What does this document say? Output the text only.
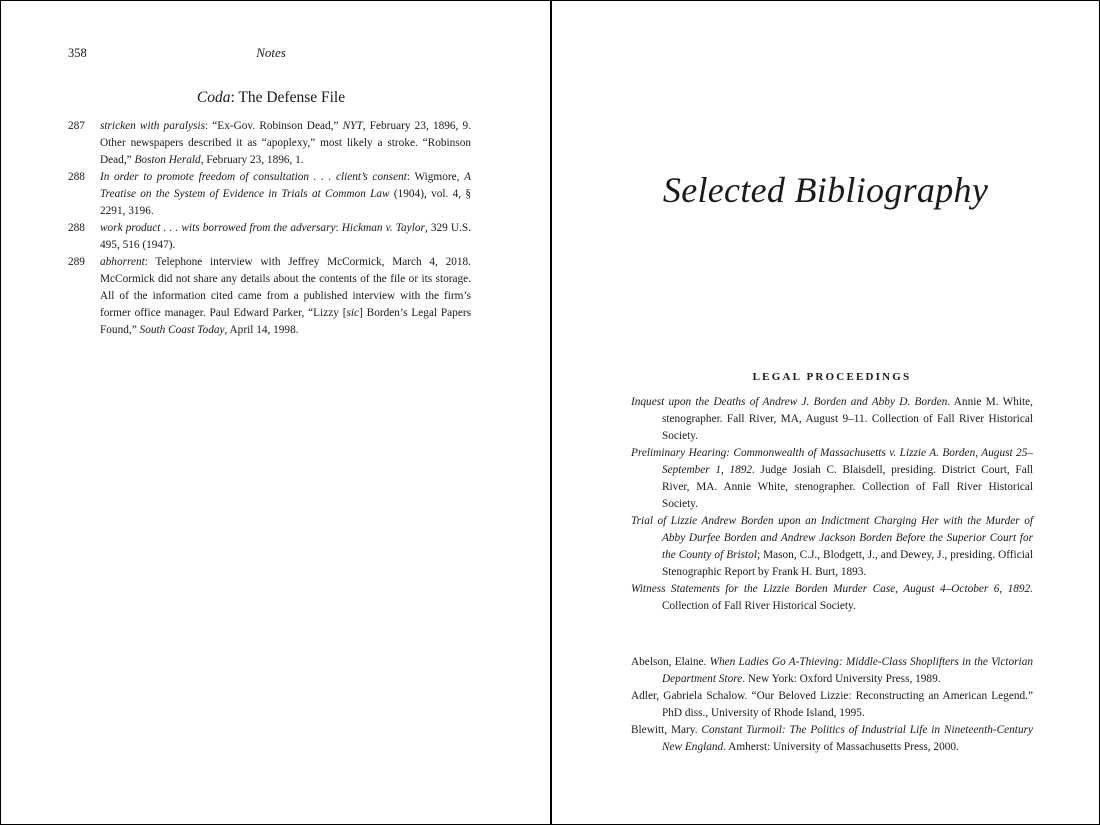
358	Notes
Coda: The Defense File
287	stricken with paralysis: “Ex-Gov. Robinson Dead,” NYT, February 23, 1896, 9. Other newspapers described it as “apoplexy,” most likely a stroke. “Robinson Dead,” Boston Herald, February 23, 1896, 1.
288	In order to promote freedom of consultation . . . client’s consent: Wigmore, A Treatise on the System of Evidence in Trials at Common Law (1904), vol. 4, § 2291, 3196.
288	work product . . . wits borrowed from the adversary: Hickman v. Taylor, 329 U.S. 495, 516 (1947).
289	abhorrent: Telephone interview with Jeffrey McCormick, March 4, 2018. McCormick did not share any details about the contents of the file or its storage. All of the information cited came from a published interview with the firm’s former office manager. Paul Edward Parker, “Lizzy [sic] Borden’s Legal Papers Found,” South Coast Today, April 14, 1998.
Selected Bibliography
LEGAL PROCEEDINGS
Inquest upon the Deaths of Andrew J. Borden and Abby D. Borden. Annie M. White, stenographer. Fall River, MA, August 9–11. Collection of Fall River Historical Society.
Preliminary Hearing: Commonwealth of Massachusetts v. Lizzie A. Borden, August 25–September 1, 1892. Judge Josiah C. Blaisdell, presiding. District Court, Fall River, MA. Annie White, stenographer. Collection of Fall River Historical Society.
Trial of Lizzie Andrew Borden upon an Indictment Charging Her with the Murder of Abby Durfee Borden and Andrew Jackson Borden Before the Superior Court for the County of Bristol; Mason, C.J., Blodgett, J., and Dewey, J., presiding. Official Stenographic Report by Frank H. Burt, 1893.
Witness Statements for the Lizzie Borden Murder Case, August 4–October 6, 1892. Collection of Fall River Historical Society.
Abelson, Elaine. When Ladies Go A-Thieving: Middle-Class Shoplifters in the Victorian Department Store. New York: Oxford University Press, 1989.
Adler, Gabriela Schalow. “Our Beloved Lizzie: Reconstructing an American Legend.” PhD diss., University of Rhode Island, 1995.
Blewitt, Mary. Constant Turmoil: The Politics of Industrial Life in Nineteenth-Century New England. Amherst: University of Massachusetts Press, 2000.
